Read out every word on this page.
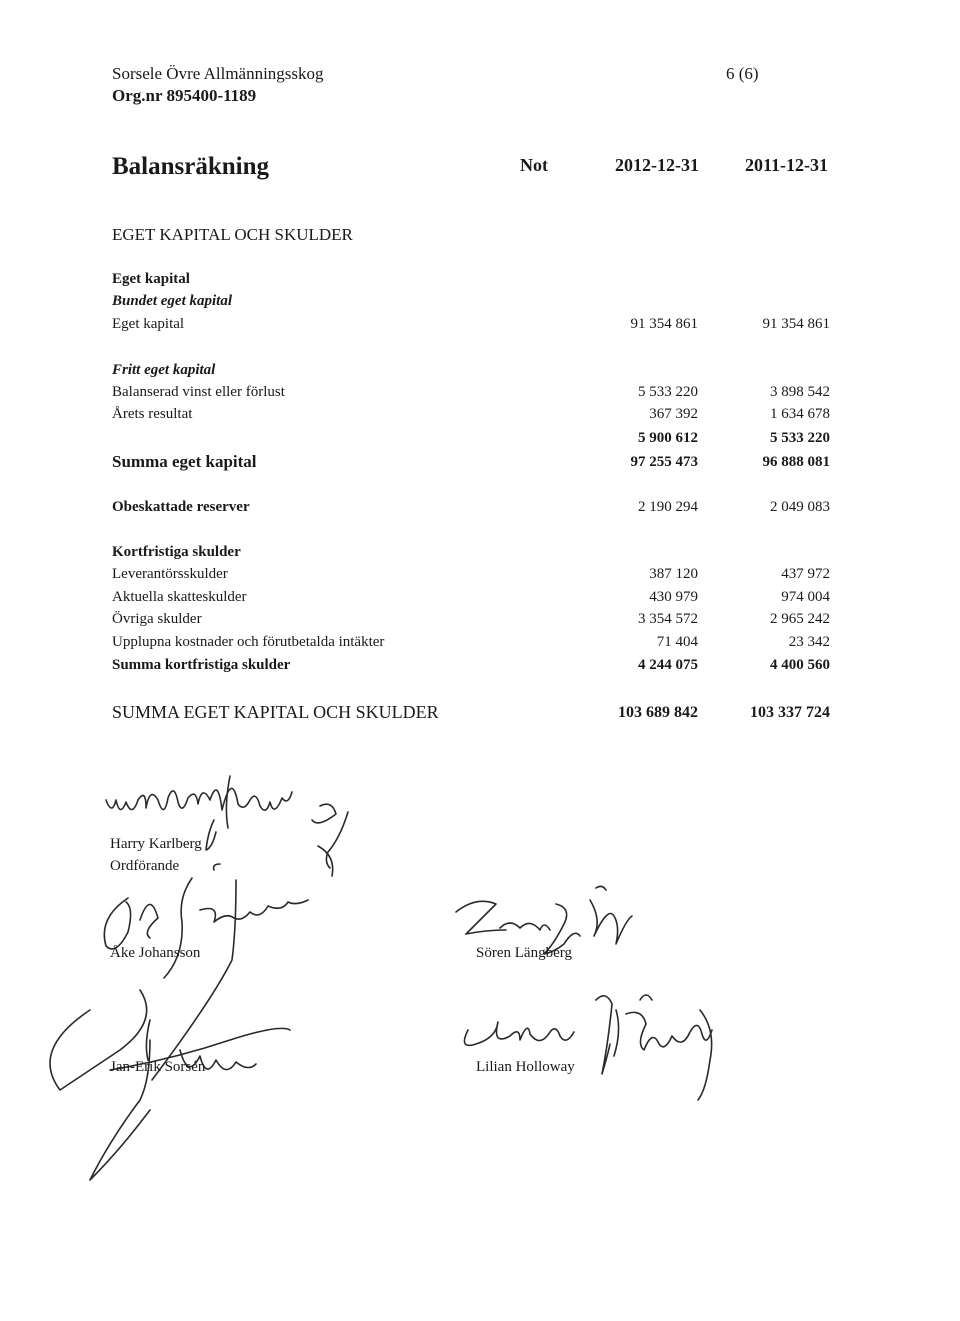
Sorsele Övre Allmänningsskog
Org.nr 895400-1189
6 (6)
Balansräkning	Not	2012-12-31	2011-12-31
EGET KAPITAL OCH SKULDER
Eget kapital
Bundet eget kapital
Eget kapital	91 354 861	91 354 861
Fritt eget kapital
Balanserad vinst eller förlust	5 533 220	3 898 542
Årets resultat	367 392	1 634 678
5 900 612	5 533 220
Summa eget kapital	97 255 473	96 888 081
Obeskattade reserver	2 190 294	2 049 083
Kortfristiga skulder
Leverantörsskulder	387 120	437 972
Aktuella skatteskulder	430 979	974 004
Övriga skulder	3 354 572	2 965 242
Upplupna kostnader och förutbetalda intäkter	71 404	23 342
Summa kortfristiga skulder	4 244 075	4 400 560
SUMMA EGET KAPITAL OCH SKULDER	103 689 842	103 337 724
Harry Karlberg
Ordförande
Åke Johansson	Sören Längberg
Jan-Erik Sorsén	Lilian Holloway
